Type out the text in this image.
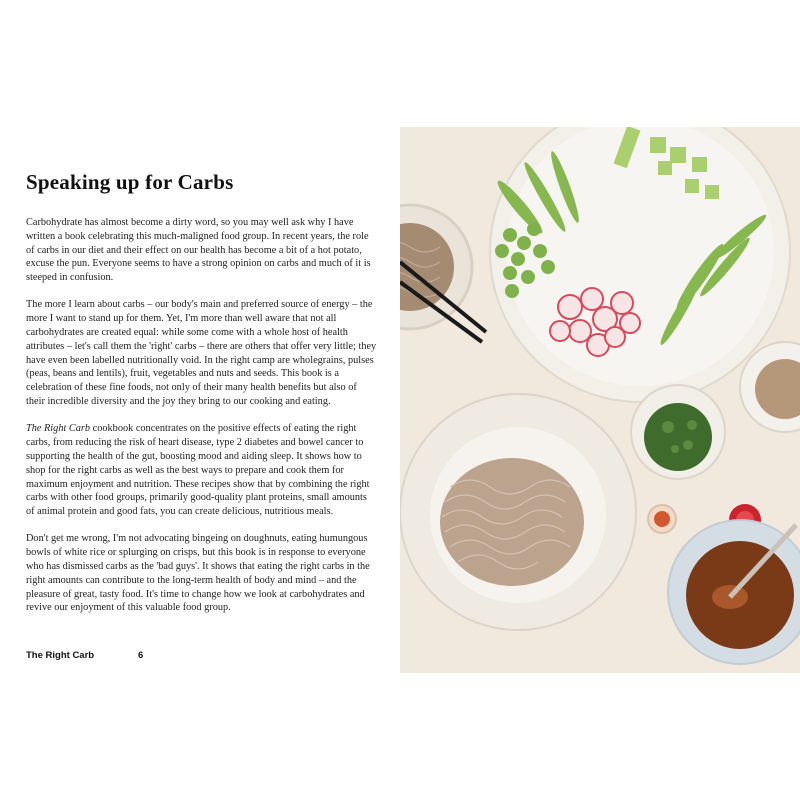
Speaking up for Carbs

Carbohydrate has almost become a dirty word, so you may well ask why I have written a book celebrating this much-maligned food group. In recent years, the role of carbs in our diet and their effect on our health has become a bit of a hot potato, excuse the pun. Everyone seems to have a strong opinion on carbs and much of it is steeped in confusion.

The more I learn about carbs – our body's main and preferred source of energy – the more I want to stand up for them. Yet, I'm more than well aware that not all carbohydrates are created equal: while some come with a whole host of health attributes – let's call them the 'right' carbs – there are others that offer very little; they have even been labelled nutritionally void. In the right camp are wholegrains, pulses (peas, beans and lentils), fruit, vegetables and nuts and seeds. This book is a celebration of these fine foods, not only of their many health benefits but also of their incredible diversity and the joy they bring to our cooking and eating.

The Right Carb cookbook concentrates on the positive effects of eating the right carbs, from reducing the risk of heart disease, type 2 diabetes and bowel cancer to supporting the health of the gut, boosting mood and aiding sleep. It shows how to shop for the right carbs as well as the best ways to prepare and cook them for maximum enjoyment and nutrition. These recipes show that by combining the right carbs with other food groups, primarily good-quality plant proteins, small amounts of animal protein and good fats, you can create delicious, nutritious meals.

Don't get me wrong, I'm not advocating bingeing on doughnuts, eating humungous bowls of white rice or splurging on crisps, but this book is in response to everyone who has dismissed carbs as the 'bad guys'. It shows that eating the right carbs in the right amounts can contribute to the long-term health of body and mind – and the pleasure of great, tasty food. It's time to change how we look at carbohydrates and revive our enjoyment of this valuable food group.

The Right Carb	6
